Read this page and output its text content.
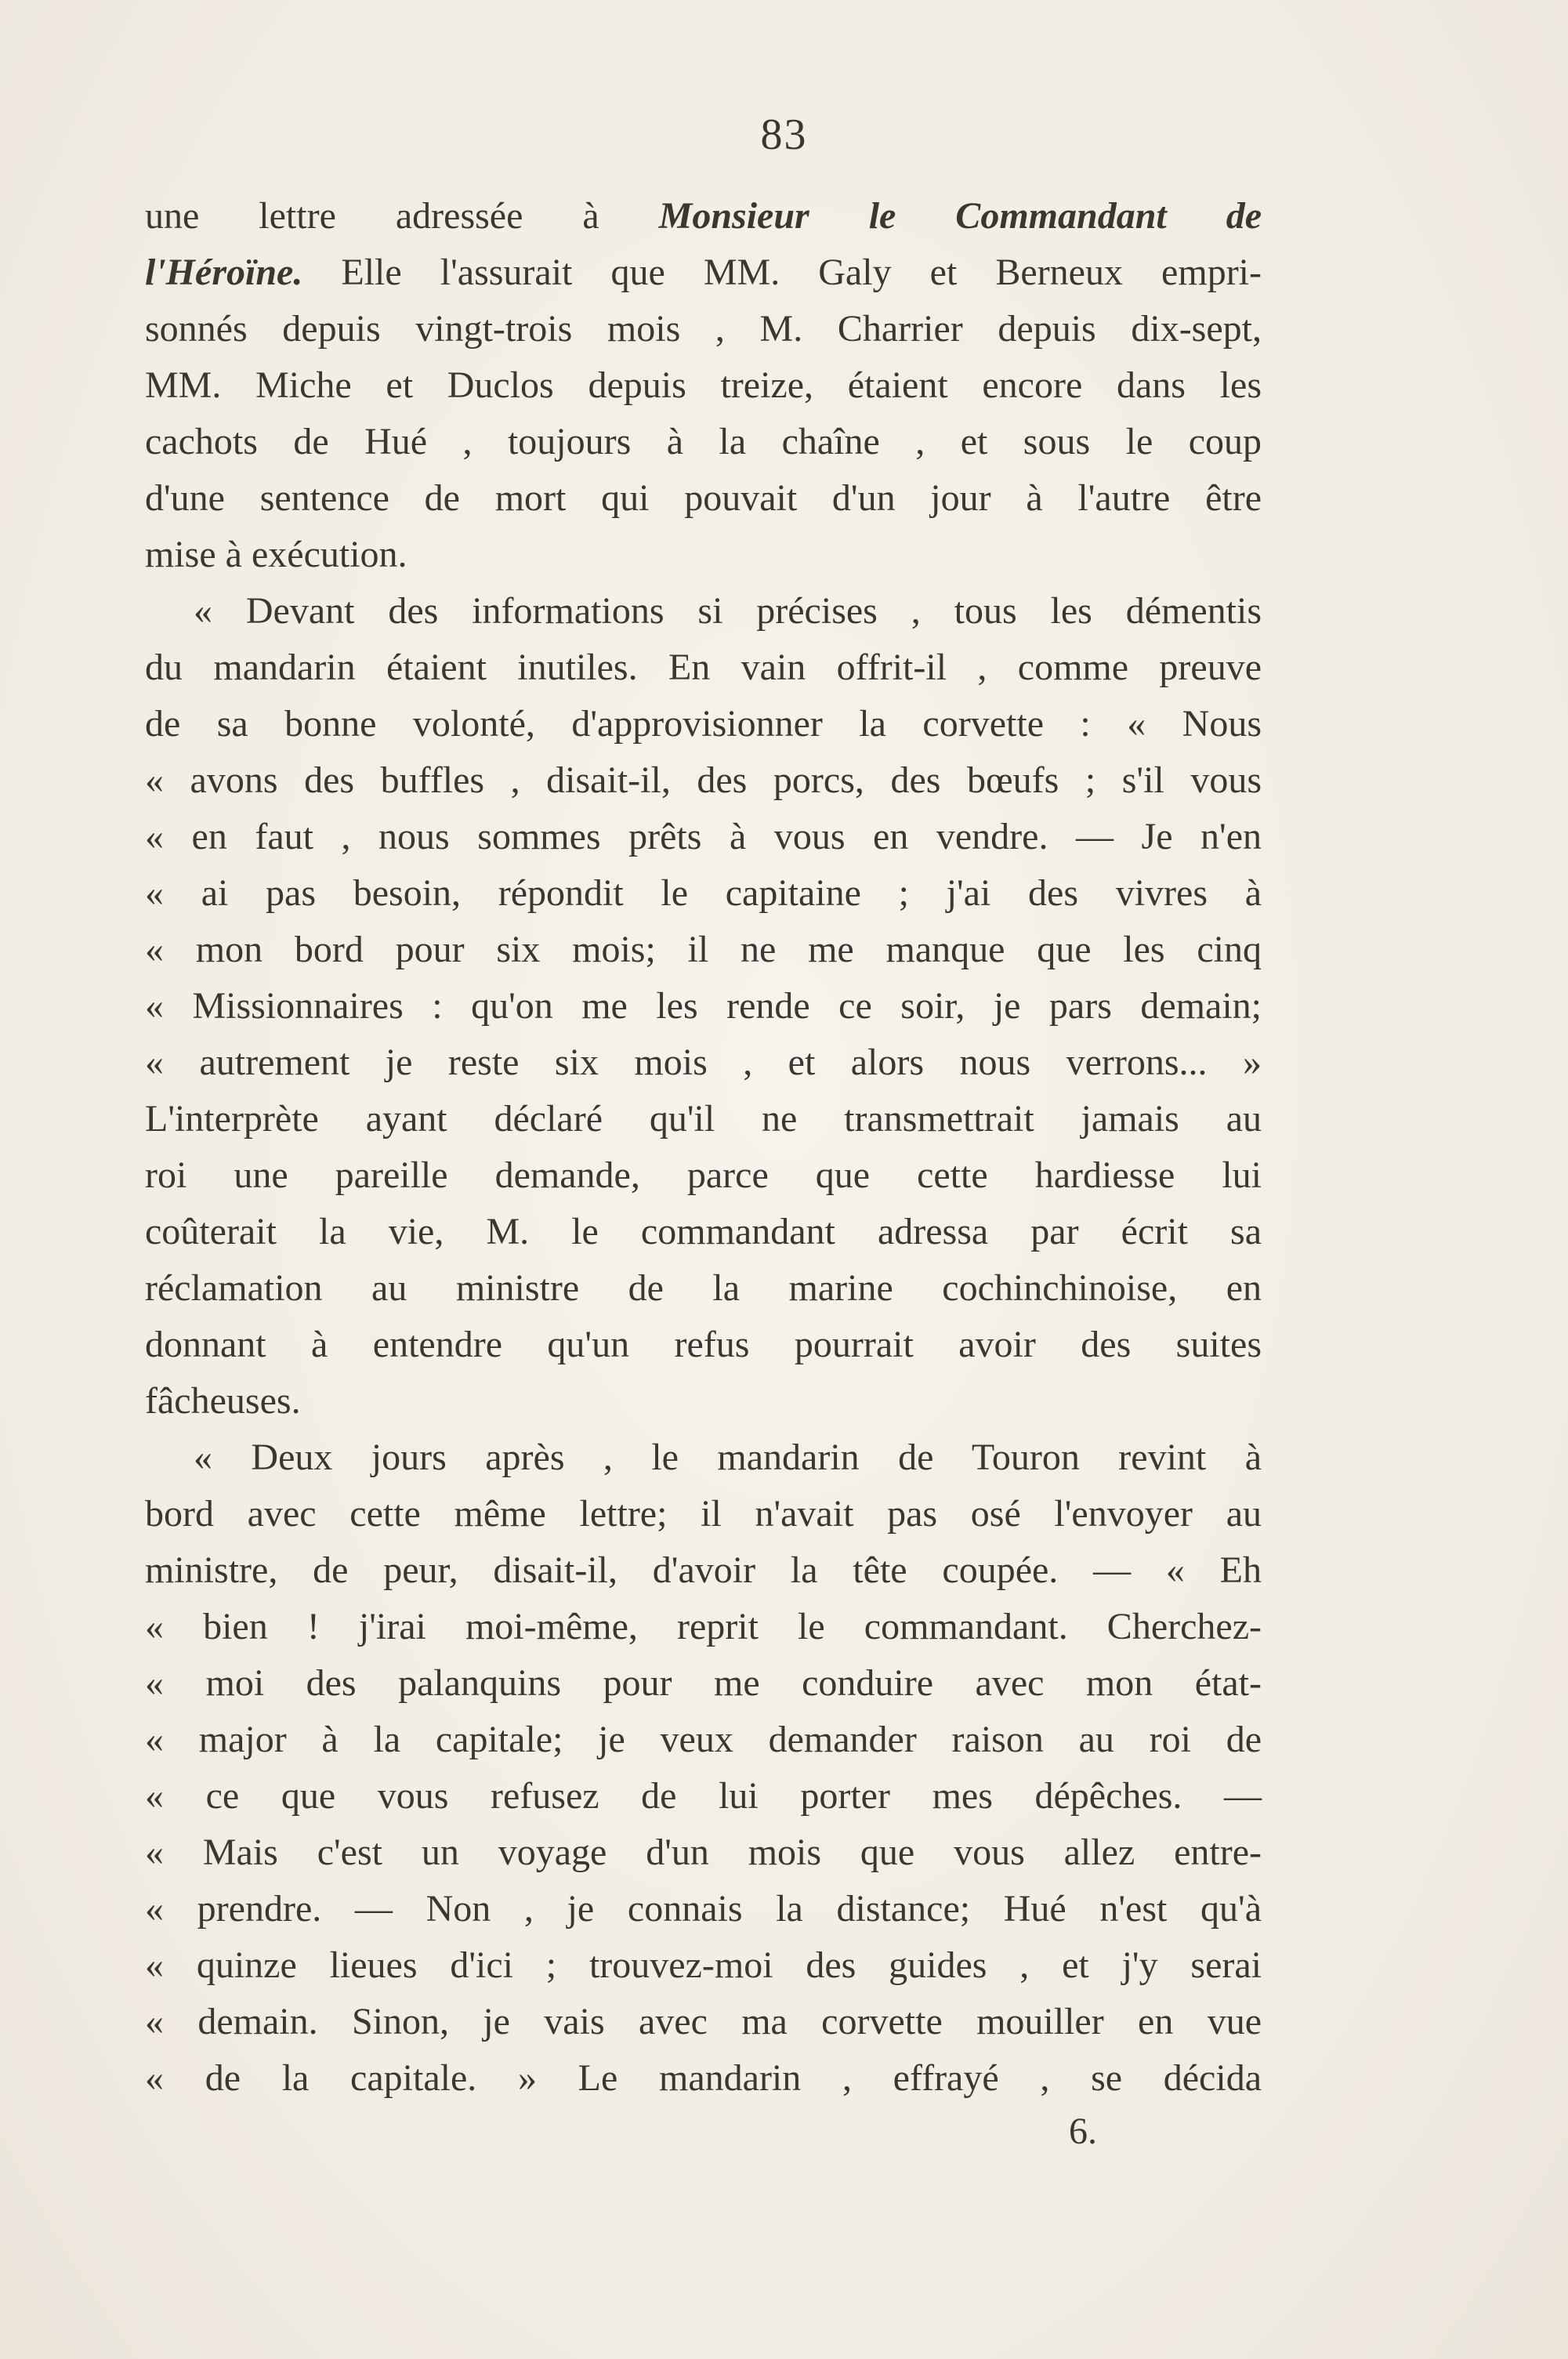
83
une lettre adressée à Monsieur le Commandant de
l'Héroïne. Elle l'assurait que MM. Galy et Berneux empri-
sonnés depuis vingt-trois mois , M. Charrier depuis dix-sept,
MM. Miche et Duclos depuis treize, étaient encore dans les
cachots de Hué , toujours à la chaîne , et sous le coup
d'une sentence de mort qui pouvait d'un jour à l'autre être
mise à exécution.
« Devant des informations si précises , tous les démentis
du mandarin étaient inutiles. En vain offrit-il , comme preuve
de sa bonne volonté, d'approvisionner la corvette : « Nous
« avons des buffles , disait-il, des porcs, des bœufs ; s'il vous
« en faut , nous sommes prêts à vous en vendre. — Je n'en
« ai pas besoin, répondit le capitaine ; j'ai des vivres à
« mon bord pour six mois; il ne me manque que les cinq
« Missionnaires : qu'on me les rende ce soir, je pars demain;
« autrement je reste six mois , et alors nous verrons... »
L'interprète ayant déclaré qu'il ne transmettrait jamais au
roi une pareille demande, parce que cette hardiesse lui
coûterait la vie, M. le commandant adressa par écrit sa
réclamation au ministre de la marine cochinchinoise, en
donnant à entendre qu'un refus pourrait avoir des suites
fâcheuses.
« Deux jours après , le mandarin de Touron revint à
bord avec cette même lettre; il n'avait pas osé l'envoyer au
ministre, de peur, disait-il, d'avoir la tête coupée. — « Eh
« bien ! j'irai moi-même, reprit le commandant. Cherchez-
« moi des palanquins pour me conduire avec mon état-
« major à la capitale; je veux demander raison au roi de
« ce que vous refusez de lui porter mes dépêches. —
« Mais c'est un voyage d'un mois que vous allez entre-
« prendre. — Non , je connais la distance; Hué n'est qu'à
« quinze lieues d'ici ; trouvez-moi des guides , et j'y serai
« demain. Sinon, je vais avec ma corvette mouiller en vue
« de la capitale. » Le mandarin , effrayé , se décida
6.
